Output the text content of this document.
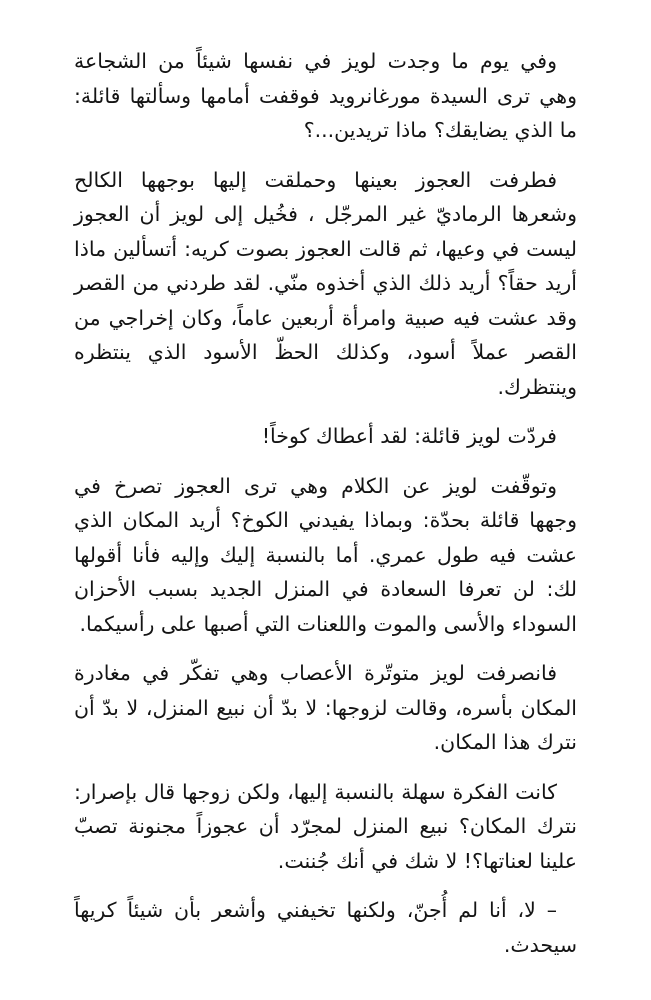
وفي يوم ما وجدت لويز في نفسها شيئاً من الشجاعة وهي ترى السيدة مورغانرويد فوقفت أمامها وسألتها قائلة: ما الذي يضايقك؟ ماذا تريدين...؟

فطرفت العجوز بعينها وحملقت إليها بوجهها الكالح وشعرها الرماديّ غير المرجّل ، فخُيل إلى لويز أن العجوز ليست في وعيها، ثم قالت العجوز بصوت كريه: أتسألين ماذا أريد حقاً؟ أريد ذلك الذي أخذوه منّي. لقد طردني من القصر وقد عشت فيه صبية وامرأة أربعين عاماً، وكان إخراجي من القصر عملاً أسود، وكذلك الحظّ الأسود الذي ينتظره وينتظرك.

فردّت لويز قائلة: لقد أعطاك كوخاً!

وتوقّفت لويز عن الكلام وهي ترى العجوز تصرخ في وجهها قائلة بحدّة: وبماذا يفيدني الكوخ؟ أريد المكان الذي عشت فيه طول عمري. أما بالنسبة إليك وإليه فأنا أقولها لك: لن تعرفا السعادة في المنزل الجديد بسبب الأحزان السوداء والأسى والموت واللعنات التي أصبها على رأسيكما.

فانصرفت لويز متوتّرة الأعصاب وهي تفكّر في مغادرة المكان بأسره، وقالت لزوجها: لا بدّ أن نبيع المنزل، لا بدّ أن نترك هذا المكان.

كانت الفكرة سهلة بالنسبة إليها، ولكن زوجها قال بإصرار: نترك المكان؟ نبيع المنزل لمجرّد أن عجوزاً مجنونة تصبّ علينا لعناتها؟! لا شك في أنك جُننت.

– لا، أنا لم أُجنّ، ولكنها تخيفني وأشعر بأن شيئاً كريهاً سيحدث.
